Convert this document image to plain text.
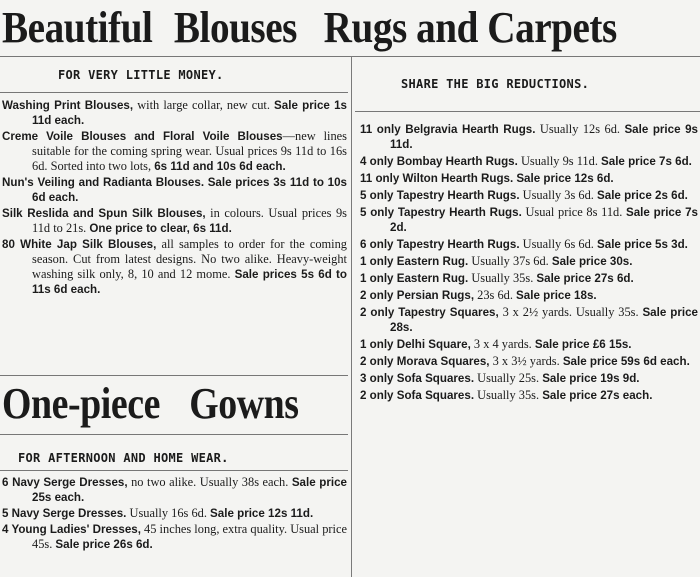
Beautiful Blouses Rugs and Carpets
FOR VERY LITTLE MONEY.
Washing Print Blouses, with large collar, new cut. Sale price 1s 11d each.
Creme Voile Blouses and Floral Voile Blouses—new lines suitable for the coming spring wear. Usual prices 9s 11d to 16s 6d. Sorted into two lots, 6s 11d and 10s 6d each.
Nun's Veiling and Radianta Blouses. Sale prices 3s 11d to 10s 6d each.
Silk Reslida and Spun Silk Blouses, in colours. Usual prices 9s 11d to 21s. One price to clear, 6s 11d.
80 White Jap Silk Blouses, all samples to order for the coming season. Cut from latest designs. No two alike. Heavy-weight washing silk only, 8, 10 and 12 mome. Sale prices 5s 6d to 11s 6d each.
One-piece Gowns
FOR AFTERNOON AND HOME WEAR.
6 Navy Serge Dresses, no two alike. Usually 38s each. Sale price 25s each.
5 Navy Serge Dresses. Usually 16s 6d. Sale price 12s 11d.
4 Young Ladies' Dresses, 45 inches long, extra quality. Usual price 45s. Sale price 26s 6d.
SHARE THE BIG REDUCTIONS.
11 only Belgravia Hearth Rugs. Usually 12s 6d. Sale price 9s 11d.
4 only Bombay Hearth Rugs. Usually 9s 11d. Sale price 7s 6d.
11 only Wilton Hearth Rugs. Sale price 12s 6d.
5 only Tapestry Hearth Rugs. Usually 3s 6d. Sale price 2s 6d.
5 only Tapestry Hearth Rugs. Usual price 8s 11d. Sale price 7s 2d.
6 only Tapestry Hearth Rugs. Usually 6s 6d. Sale price 5s 3d.
1 only Eastern Rug. Usually 37s 6d. Sale price 30s.
1 only Eastern Rug. Usually 35s. Sale price 27s 6d.
2 only Persian Rugs, 23s 6d. Sale price 18s.
2 only Tapestry Squares, 3 x 2½ yards. Usually 35s. Sale price 28s.
1 only Delhi Square, 3 x 4 yards. Sale price £6 15s.
2 only Morava Squares, 3 x 3½ yards. Sale price 59s 6d each.
3 only Sofa Squares. Usually 25s. Sale price 19s 9d.
2 only Sofa Squares. Usually 35s. Sale price 27s each.
